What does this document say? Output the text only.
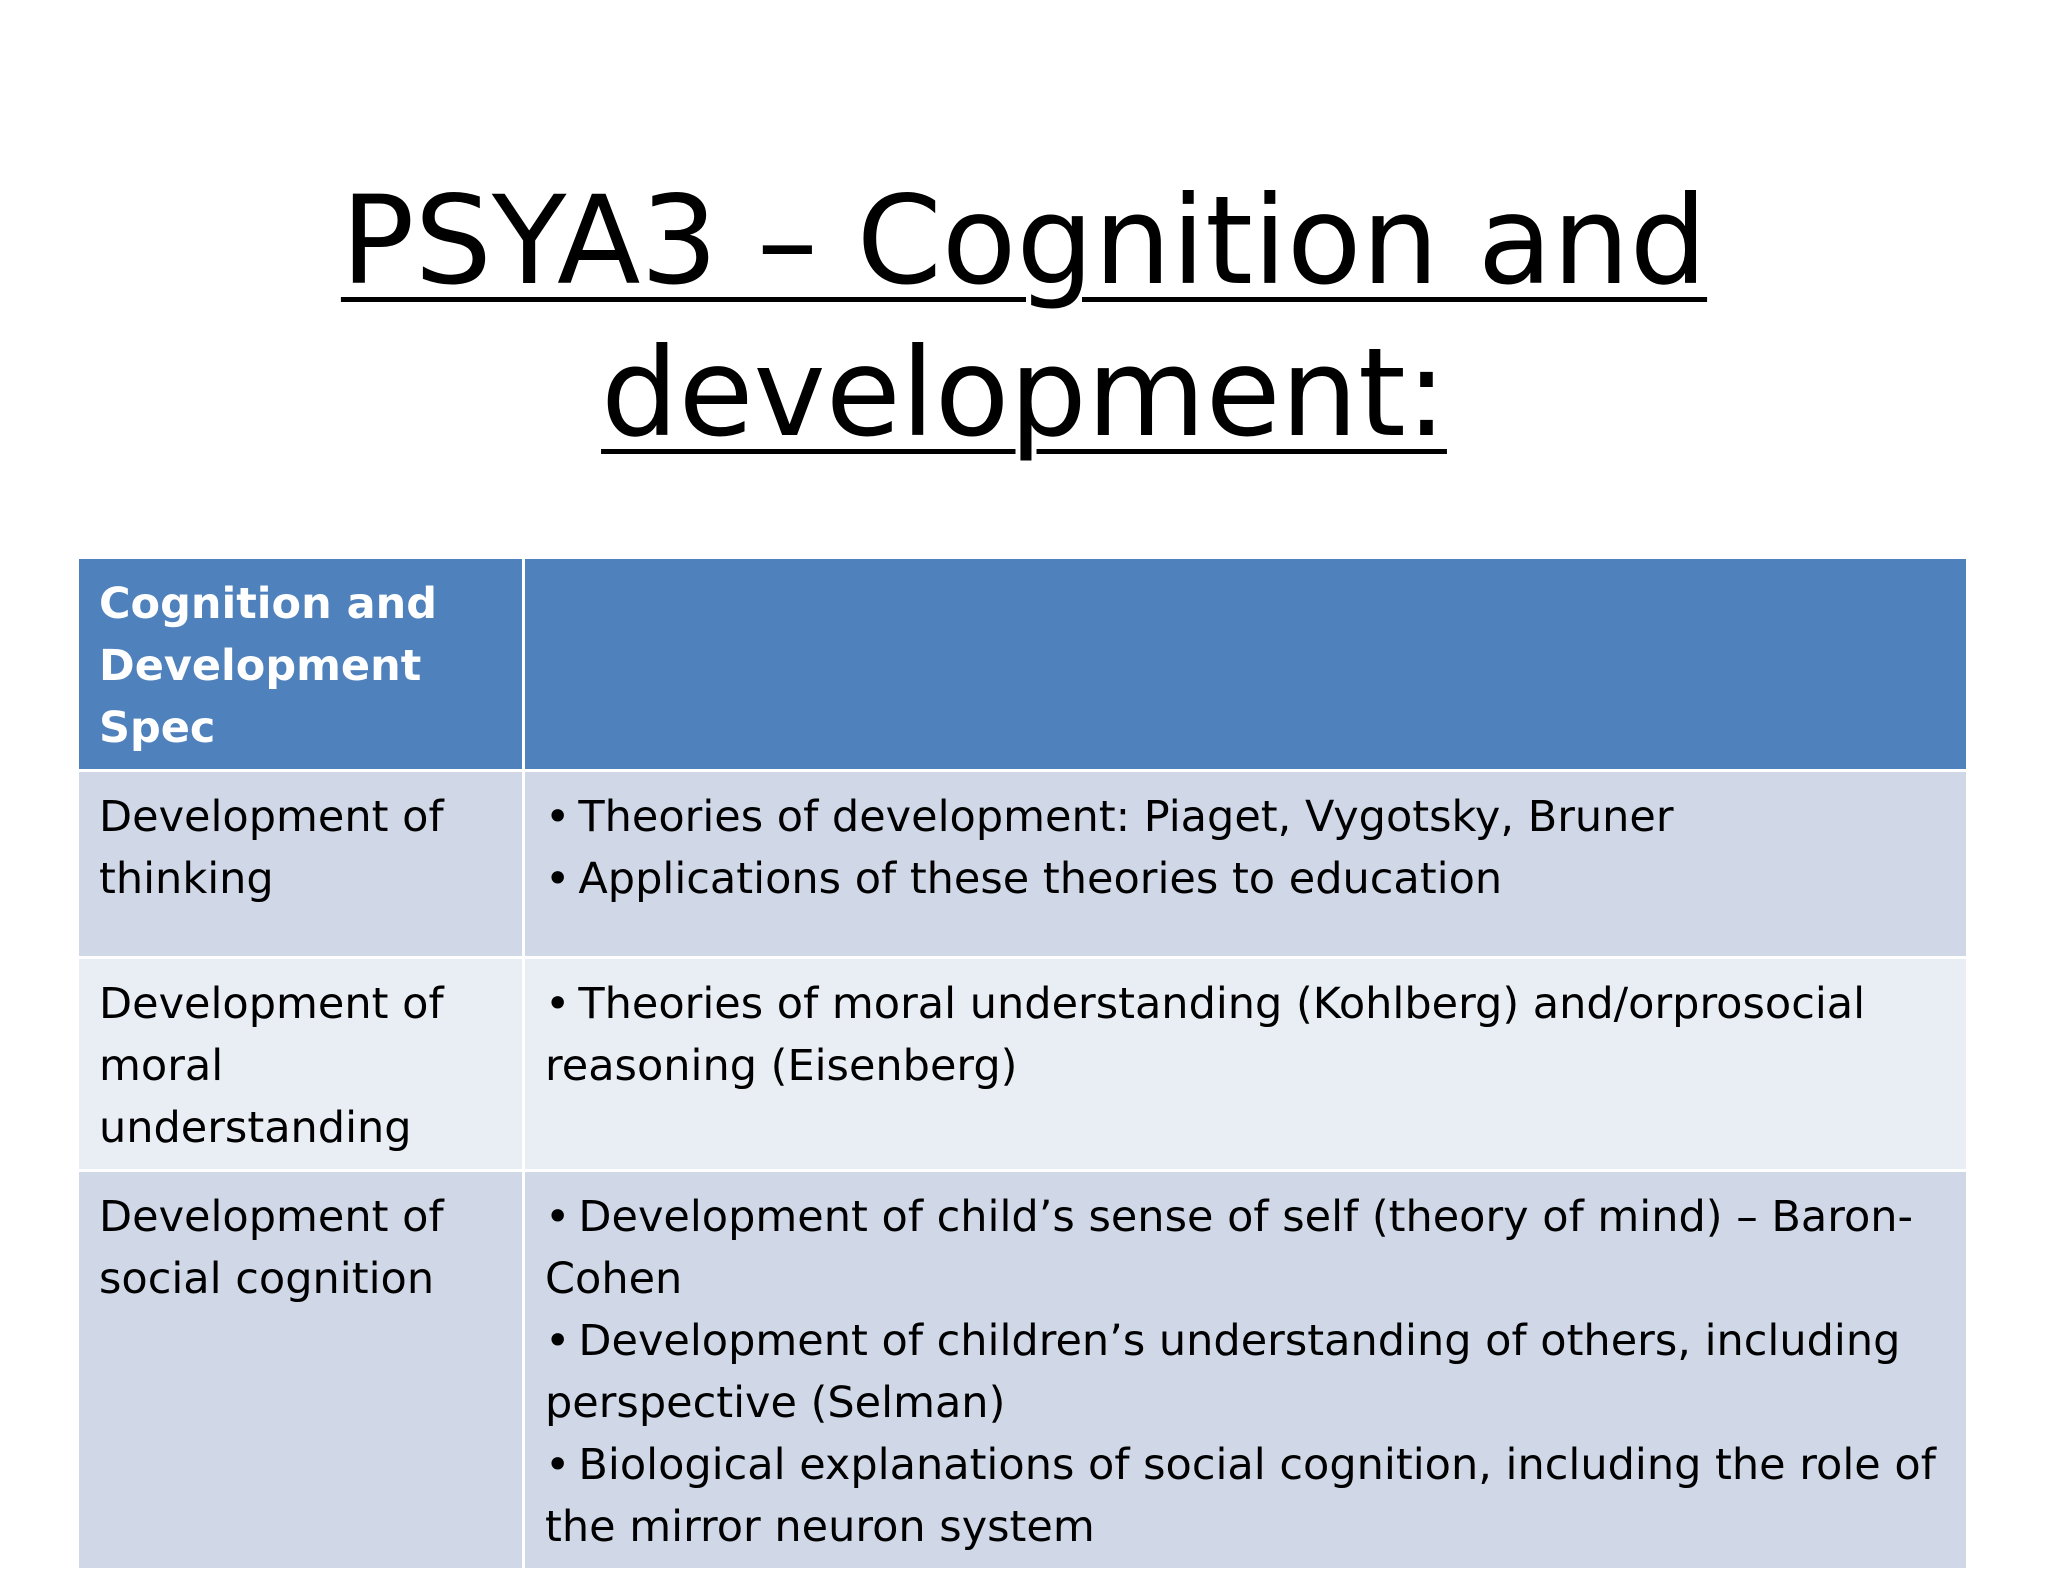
PSYA3 – Cognition and
development:
Cognition and Development Spec	
Development of thinking	• Theories of development: Piaget, Vygotsky, Bruner
• Applications of these theories to education

Development of moral understanding	• Theories of moral understanding (Kohlberg) and/orprosocial reasoning (Eisenberg)

Development of social cognition	• Development of child’s sense of self (theory of mind) – Baron-Cohen
• Development of children’s understanding of others, including perspective (Selman)
• Biological explanations of social cognition, including the role of the mirror neuron system
